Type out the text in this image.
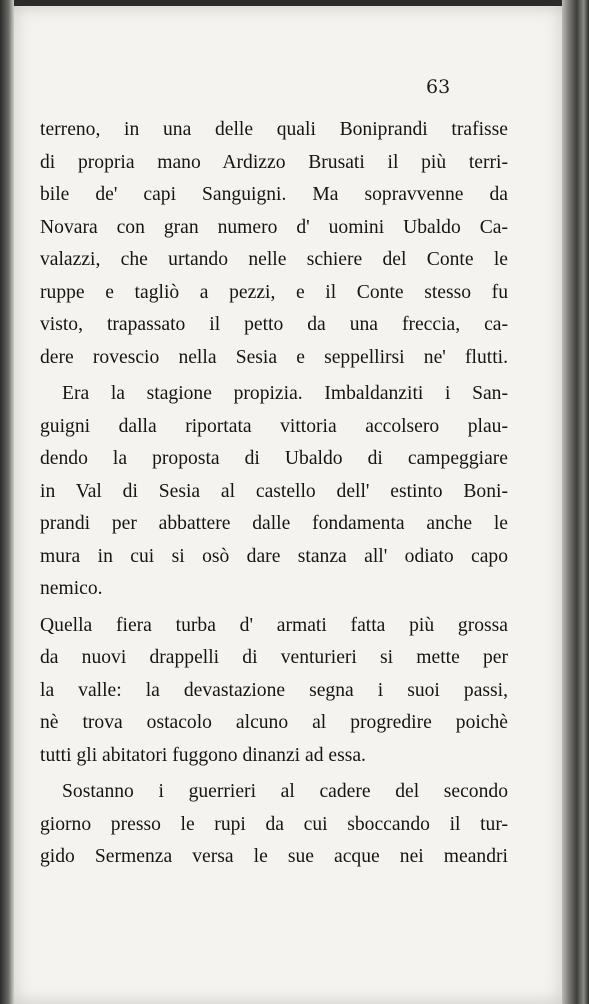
63
terreno, in una delle quali Boniprandi trafisse
di propria mano Ardizzo Brusati il più terri-
bile de' capi Sanguigni. Ma sopravvenne da
Novara con gran numero d' uomini Ubaldo Ca-
valazzi, che urtando nelle schiere del Conte le
ruppe e tagliò a pezzi, e il Conte stesso fu
visto, trapassato il petto da una freccia, ca-
dere rovescio nella Sesia e seppellirsi ne' flutti.
Era la stagione propizia. Imbaldanziti i San-
guigni dalla riportata vittoria accolsero plau-
dendo la proposta di Ubaldo di campeggiare
in Val di Sesia al castello dell' estinto Boni-
prandi per abbattere dalle fondamenta anche le
mura in cui si osò dare stanza all' odiato capo
nemico.
Quella fiera turba d' armati fatta più grossa
da nuovi drappelli di venturieri si mette per
la valle: la devastazione segna i suoi passi,
nè trova ostacolo alcuno al progredire poichè
tutti gli abitatori fuggono dinanzi ad essa.
Sostanno i guerrieri al cadere del secondo
giorno presso le rupi da cui sboccando il tur-
gido Sermenza versa le sue acque nei meandri
